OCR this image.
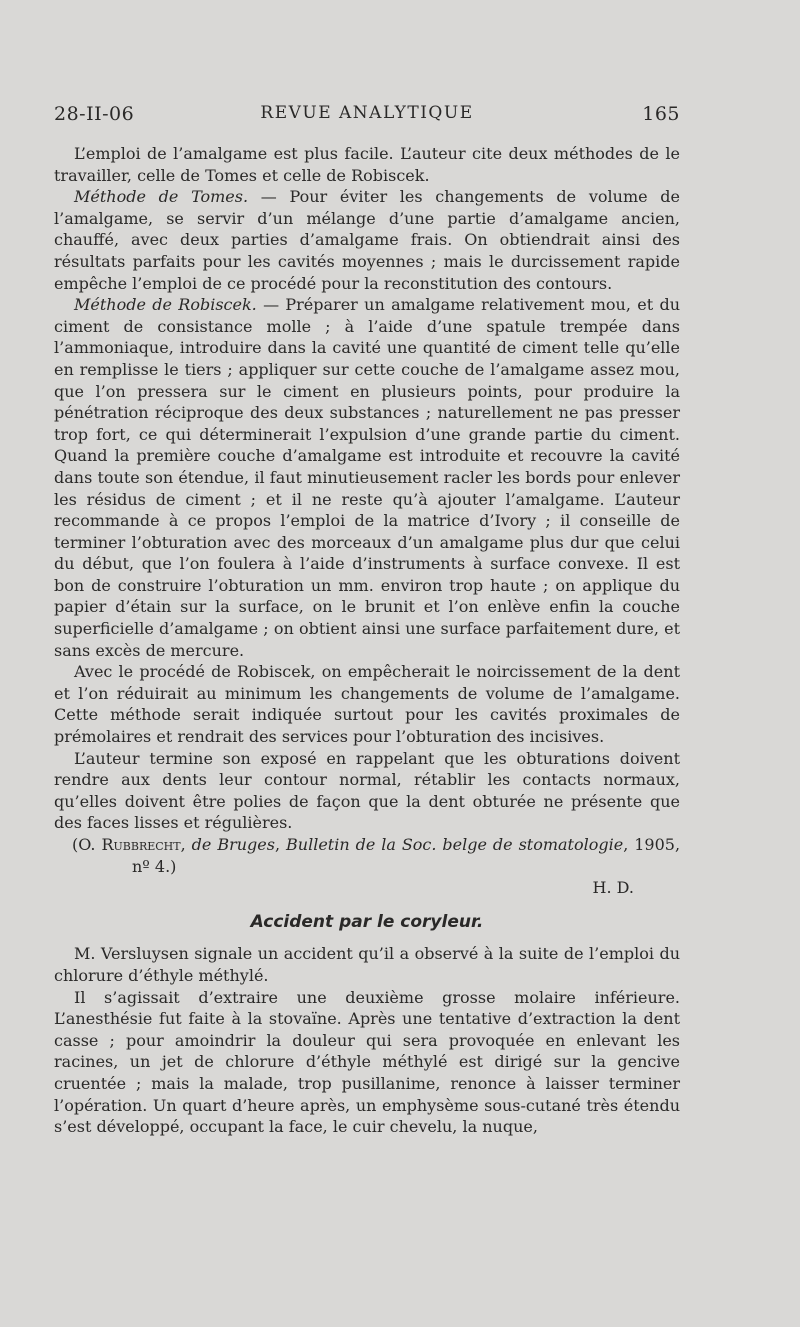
28-II-06	REVUE ANALYTIQUE	165

L’emploi de l’amalgame est plus facile. L’auteur cite deux méthodes de le travailler, celle de Tomes et celle de Robiscek.

Méthode de Tomes. — Pour éviter les changements de volume de l’amalgame, se servir d’un mélange d’une partie d’amalgame ancien, chauffé, avec deux parties d’amalgame frais. On obtiendrait ainsi des résultats parfaits pour les cavités moyennes ; mais le durcissement rapide empêche l’emploi de ce procédé pour la reconstitution des contours.

Méthode de Robiscek. — Préparer un amalgame relativement mou, et du ciment de consistance molle ; à l’aide d’une spatule trempée dans l’ammoniaque, introduire dans la cavité une quantité de ciment telle qu’elle en remplisse le tiers ; appliquer sur cette couche de l’amalgame assez mou, que l’on pressera sur le ciment en plusieurs points, pour produire la pénétration réciproque des deux substances ; naturellement ne pas presser trop fort, ce qui déterminerait l’expulsion d’une grande partie du ciment. Quand la première couche d’amalgame est introduite et recouvre la cavité dans toute son étendue, il faut minutieusement racler les bords pour enlever les résidus de ciment ; et il ne reste qu’à ajouter l’amalgame. L’auteur recommande à ce propos l’emploi de la matrice d’Ivory ; il conseille de terminer l’obturation avec des morceaux d’un amalgame plus dur que celui du début, que l’on foulera à l’aide d’instruments à surface convexe. Il est bon de construire l’obturation un mm. environ trop haute ; on applique du papier d’étain sur la surface, on le brunit et l’on enlève enfin la couche superficielle d’amalgame ; on obtient ainsi une surface parfaitement dure, et sans excès de mercure.

Avec le procédé de Robiscek, on empêcherait le noircissement de la dent et l’on réduirait au minimum les changements de volume de l’amalgame. Cette méthode serait indiquée surtout pour les cavités proximales de prémolaires et rendrait des services pour l’obturation des incisives.

L’auteur termine son exposé en rappelant que les obturations doivent rendre aux dents leur contour normal, rétablir les contacts normaux, qu’elles doivent être polies de façon que la dent obturée ne présente que des faces lisses et régulières.

(O. Rubbrecht, de Bruges, Bulletin de la Soc. belge de stomatologie, 1905, nº 4.)

H. D.

Accident par le coryleur.

M. Versluysen signale un accident qu’il a observé à la suite de l’emploi du chlorure d’éthyle méthylé.

Il s’agissait d’extraire une deuxième grosse molaire inférieure. L’anesthésie fut faite à la stovaïne. Après une tentative d’extraction la dent casse ; pour amoindrir la douleur qui sera provoquée en enlevant les racines, un jet de chlorure d’éthyle méthylé est dirigé sur la gencive cruentée ; mais la malade, trop pusillanime, renonce à laisser terminer l’opération. Un quart d’heure après, un emphysème sous-cutané très étendu s’est développé, occupant la face, le cuir chevelu, la nuque,
